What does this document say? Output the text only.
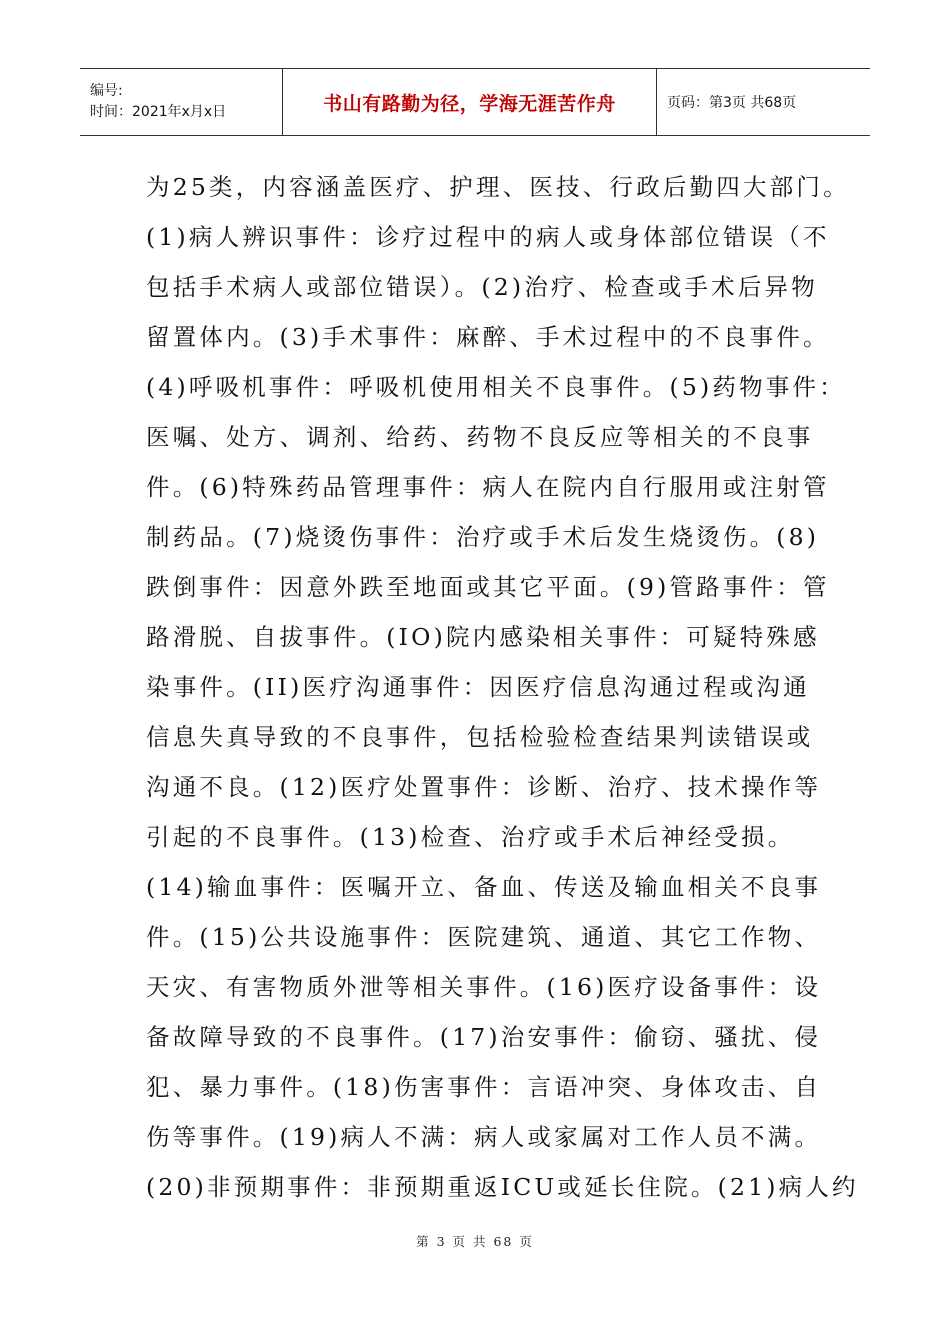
编号:
时间：2021年x月x日	书山有路勤为径，学海无涯苦作舟	页码：第3页 共68页
为25类，内容涵盖医疗、护理、医技、行政后勤四大部门。
(1)病人辨识事件：诊疗过程中的病人或身体部位错误（不
包括手术病人或部位错误）。(2)治疗、检查或手术后异物
留置体内。(3)手术事件：麻醉、手术过程中的不良事件。
(4)呼吸机事件：呼吸机使用相关不良事件。(5)药物事件：
医嘱、处方、调剂、给药、药物不良反应等相关的不良事
件。(6)特殊药品管理事件：病人在院内自行服用或注射管
制药品。(7)烧烫伤事件：治疗或手术后发生烧烫伤。(8)
跌倒事件：因意外跌至地面或其它平面。(9)管路事件：管
路滑脱、自拔事件。(IO)院内感染相关事件：可疑特殊感
染事件。(II)医疗沟通事件：因医疗信息沟通过程或沟通
信息失真导致的不良事件，包括检验检查结果判读错误或
沟通不良。(12)医疗处置事件：诊断、治疗、技术操作等
引起的不良事件。(13)检查、治疗或手术后神经受损。
(14)输血事件：医嘱开立、备血、传送及输血相关不良事
件。(15)公共设施事件：医院建筑、通道、其它工作物、
天灾、有害物质外泄等相关事件。(16)医疗设备事件：设
备故障导致的不良事件。(17)治安事件：偷窃、骚扰、侵
犯、暴力事件。(18)伤害事件：言语冲突、身体攻击、自
伤等事件。(19)病人不满：病人或家属对工作人员不满。
(20)非预期事件：非预期重返ICU或延长住院。(21)病人约
第 3 页 共 68 页
